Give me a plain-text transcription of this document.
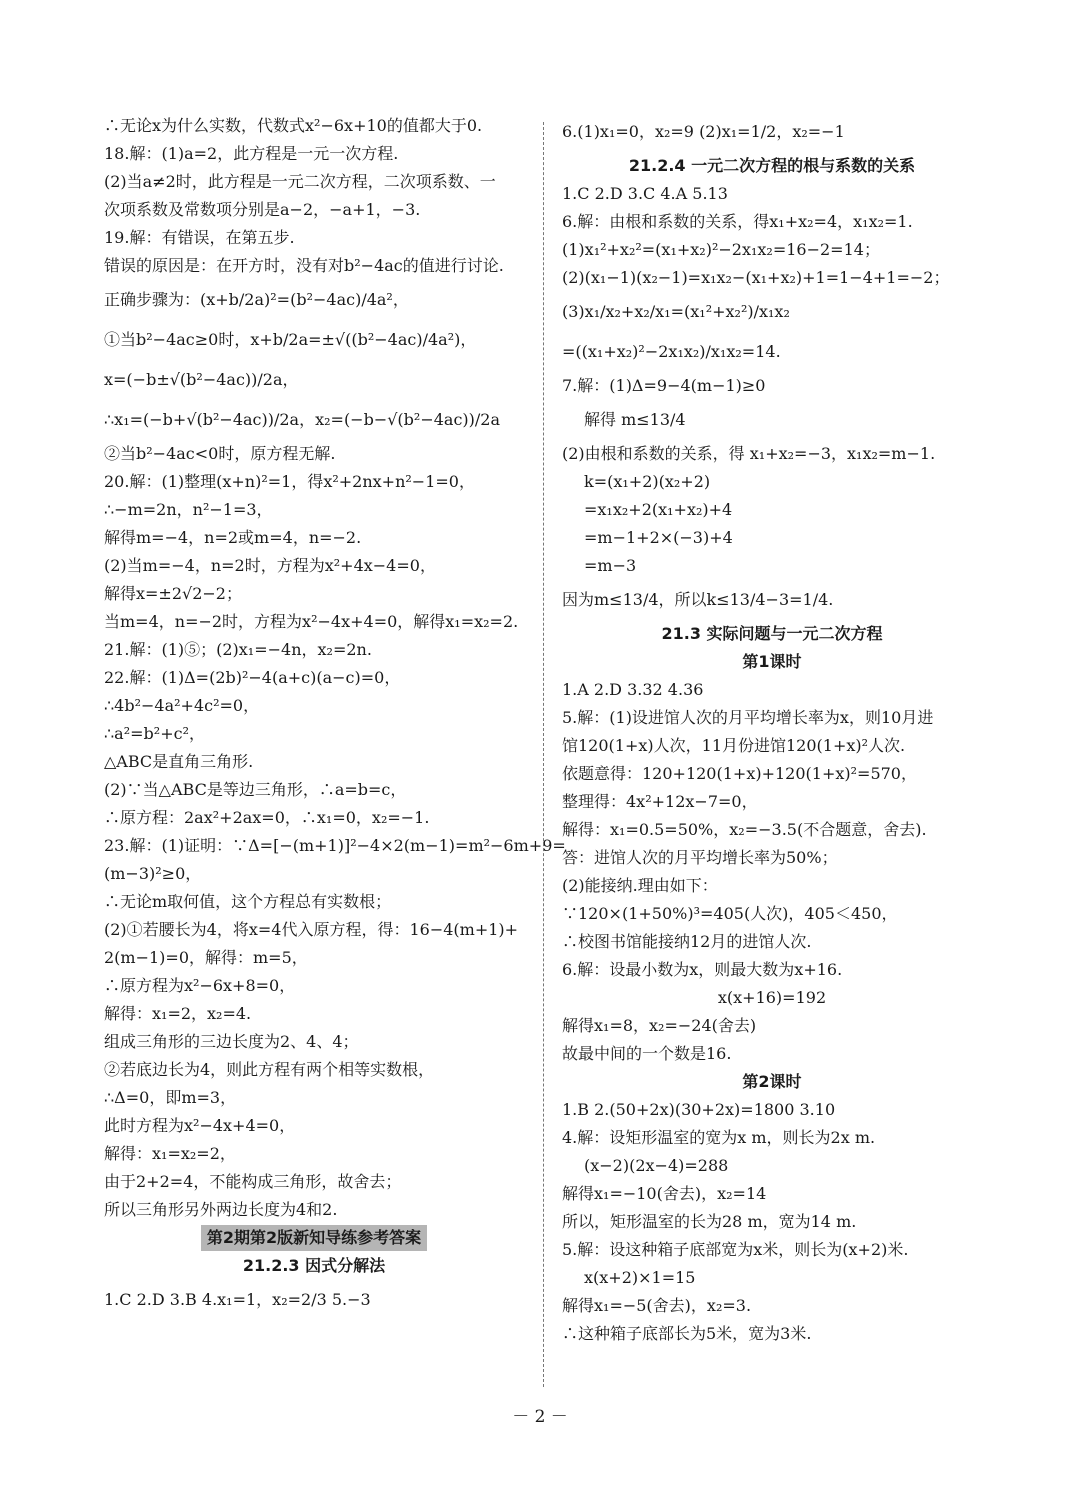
∴无论x为什么实数，代数式x²−6x+10的值都大于0.

18.解：(1)a=2，此方程是一元一次方程.

(2)当a≠2时，此方程是一元二次方程，二次项系数、一

次项系数及常数项分别是a−2，−a+1，−3.

19.解：有错误，在第五步.

错误的原因是：在开方时，没有对b²−4ac的值进行讨论.

正确步骤为：(x+b/2a)²=(b²−4ac)/4a²，

①当b²−4ac≥0时，x+b/2a=±√((b²−4ac)/4a²)，

x=(−b±√(b²−4ac))/2a，

∴x₁=(−b+√(b²−4ac))/2a，x₂=(−b−√(b²−4ac))/2a

②当b²−4ac<0时，原方程无解.

20.解：(1)整理(x+n)²=1，得x²+2nx+n²−1=0，

∴−m=2n，n²−1=3，

解得m=−4，n=2或m=4，n=−2.

(2)当m=−4，n=2时，方程为x²+4x−4=0，

解得x=±2√2−2；

当m=4，n=−2时，方程为x²−4x+4=0，解得x₁=x₂=2.

21.解：(1)⑤；(2)x₁=−4n，x₂=2n.

22.解：(1)Δ=(2b)²−4(a+c)(a−c)=0，

∴4b²−4a²+4c²=0，

∴a²=b²+c²，

△ABC是直角三角形.

(2)∵当△ABC是等边三角形，∴a=b=c，

∴原方程：2ax²+2ax=0，∴x₁=0，x₂=−1.

23.解：(1)证明：∵Δ=[−(m+1)]²−4×2(m−1)=m²−6m+9=

(m−3)²≥0，

∴无论m取何值，这个方程总有实数根；

(2)①若腰长为4，将x=4代入原方程，得：16−4(m+1)+

2(m−1)=0，解得：m=5，

∴原方程为x²−6x+8=0，

解得：x₁=2，x₂=4.

组成三角形的三边长度为2、4、4；

②若底边长为4，则此方程有两个相等实数根，

∴Δ=0，即m=3，

此时方程为x²−4x+4=0，

解得：x₁=x₂=2，

由于2+2=4，不能构成三角形，故舍去；

所以三角形另外两边长度为4和2.

第2期第2版新知导练参考答案

21.2.3 因式分解法

1.C 2.D 3.B 4.x₁=1，x₂=2/3 5.−3

6.(1)x₁=0，x₂=9 (2)x₁=1/2，x₂=−1

21.2.4 一元二次方程的根与系数的关系

1.C 2.D 3.C 4.A 5.13

6.解：由根和系数的关系，得x₁+x₂=4，x₁x₂=1.

(1)x₁²+x₂²=(x₁+x₂)²−2x₁x₂=16−2=14；

(2)(x₁−1)(x₂−1)=x₁x₂−(x₁+x₂)+1=1−4+1=−2；

(3)x₁/x₂+x₂/x₁=(x₁²+x₂²)/x₁x₂

=((x₁+x₂)²−2x₁x₂)/x₁x₂=14.

7.解：(1)Δ=9−4(m−1)≥0

解得 m≤13/4

(2)由根和系数的关系，得 x₁+x₂=−3，x₁x₂=m−1.

k=(x₁+2)(x₂+2)

=x₁x₂+2(x₁+x₂)+4

=m−1+2×(−3)+4

=m−3

因为m≤13/4，所以k≤13/4−3=1/4.

21.3 实际问题与一元二次方程

第1课时

1.A 2.D 3.32 4.36

5.解：(1)设进馆人次的月平均增长率为x，则10月进

馆120(1+x)人次，11月份进馆120(1+x)²人次.

依题意得：120+120(1+x)+120(1+x)²=570，

整理得：4x²+12x−7=0，

解得：x₁=0.5=50%，x₂=−3.5(不合题意，舍去).

答：进馆人次的月平均增长率为50%；

(2)能接纳.理由如下：

∵120×(1+50%)³=405(人次)，405＜450，

∴校图书馆能接纳12月的进馆人次.

6.解：设最小数为x，则最大数为x+16.

x(x+16)=192

解得x₁=8，x₂=−24(舍去)

故最中间的一个数是16.

第2课时

1.B 2.(50+2x)(30+2x)=1800 3.10

4.解：设矩形温室的宽为x m，则长为2x m.

(x−2)(2x−4)=288

解得x₁=−10(舍去)，x₂=14

所以，矩形温室的长为28 m，宽为14 m.

5.解：设这种箱子底部宽为x米，则长为(x+2)米.

x(x+2)×1=15

解得x₁=−5(舍去)，x₂=3.

∴这种箱子底部长为5米，宽为3米.

－ 2 －
